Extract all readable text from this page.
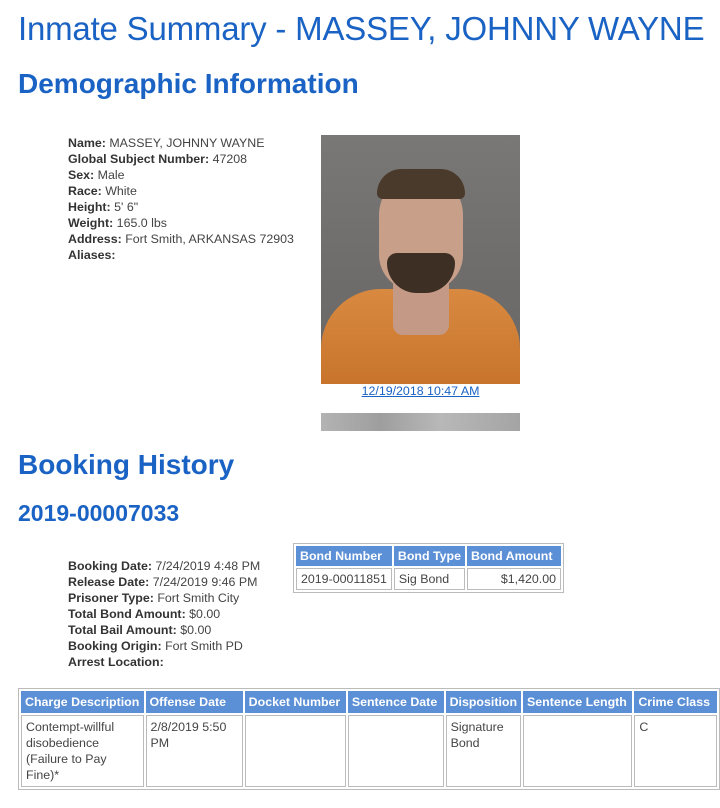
Inmate Summary - MASSEY, JOHNNY WAYNE
Demographic Information
Name: MASSEY, JOHNNY WAYNE
Global Subject Number: 47208
Sex: Male
Race: White
Height: 5' 6"
Weight: 165.0 lbs
Address: Fort Smith, ARKANSAS 72903
Aliases:
12/19/2018 10:47 AM
Booking History
2019-00007033
Booking Date: 7/24/2019 4:48 PM
Release Date: 7/24/2019 9:46 PM
Prisoner Type: Fort Smith City
Total Bond Amount: $0.00
Total Bail Amount: $0.00
Booking Origin: Fort Smith PD
Arrest Location:
Bond Number	Bond Type	Bond Amount
2019-00011851	Sig Bond	$1,420.00
Charge Description	Offense Date	Docket Number	Sentence Date	Disposition	Sentence Length	Crime Class
Contempt-willful disobedience (Failure to Pay Fine)*	2/8/2019 5:50 PM			Signature Bond		C
